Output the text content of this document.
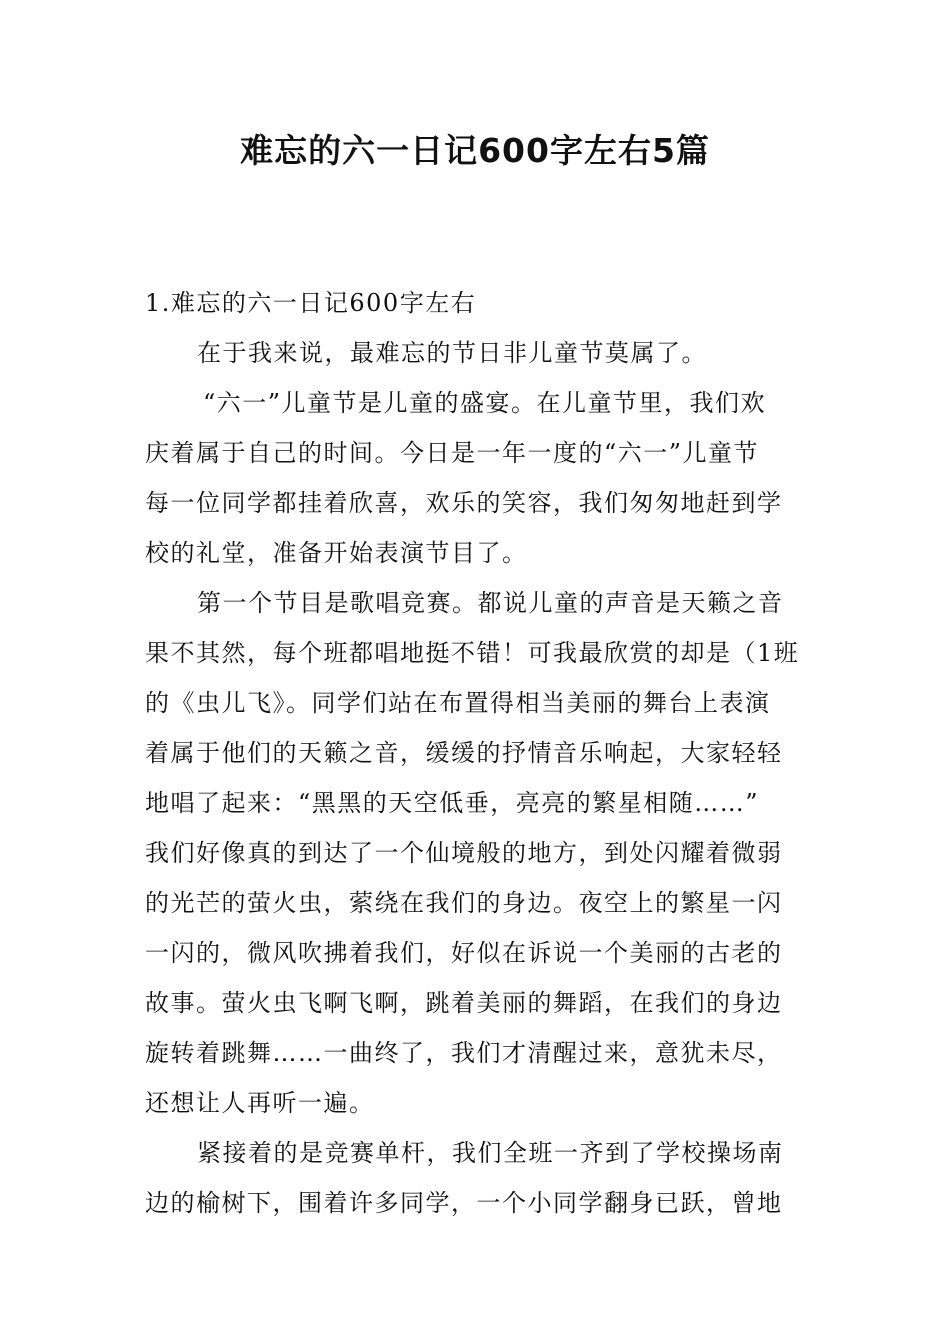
难忘的六一日记600字左右5篇
1.难忘的六一日记600字左右
在于我来说，最难忘的节日非儿童节莫属了。
“六一”儿童节是儿童的盛宴。在儿童节里，我们欢
庆着属于自己的时间。今日是一年一度的“六一”儿童节
每一位同学都挂着欣喜，欢乐的笑容，我们匆匆地赶到学
校的礼堂，准备开始表演节目了。
第一个节目是歌唱竞赛。都说儿童的声音是天籁之音
果不其然，每个班都唱地挺不错！可我最欣赏的却是（1班
的《虫儿飞》。同学们站在布置得相当美丽的舞台上表演
着属于他们的天籁之音，缓缓的抒情音乐响起，大家轻轻
地唱了起来：“黑黑的天空低垂，亮亮的繁星相随……”
我们好像真的到达了一个仙境般的地方，到处闪耀着微弱
的光芒的萤火虫，萦绕在我们的身边。夜空上的繁星一闪
一闪的，微风吹拂着我们，好似在诉说一个美丽的古老的
故事。萤火虫飞啊飞啊，跳着美丽的舞蹈，在我们的身边
旋转着跳舞……一曲终了，我们才清醒过来，意犹未尽，
还想让人再听一遍。
紧接着的是竞赛单杆，我们全班一齐到了学校操场南
边的榆树下，围着许多同学，一个小同学翻身已跃，曾地
